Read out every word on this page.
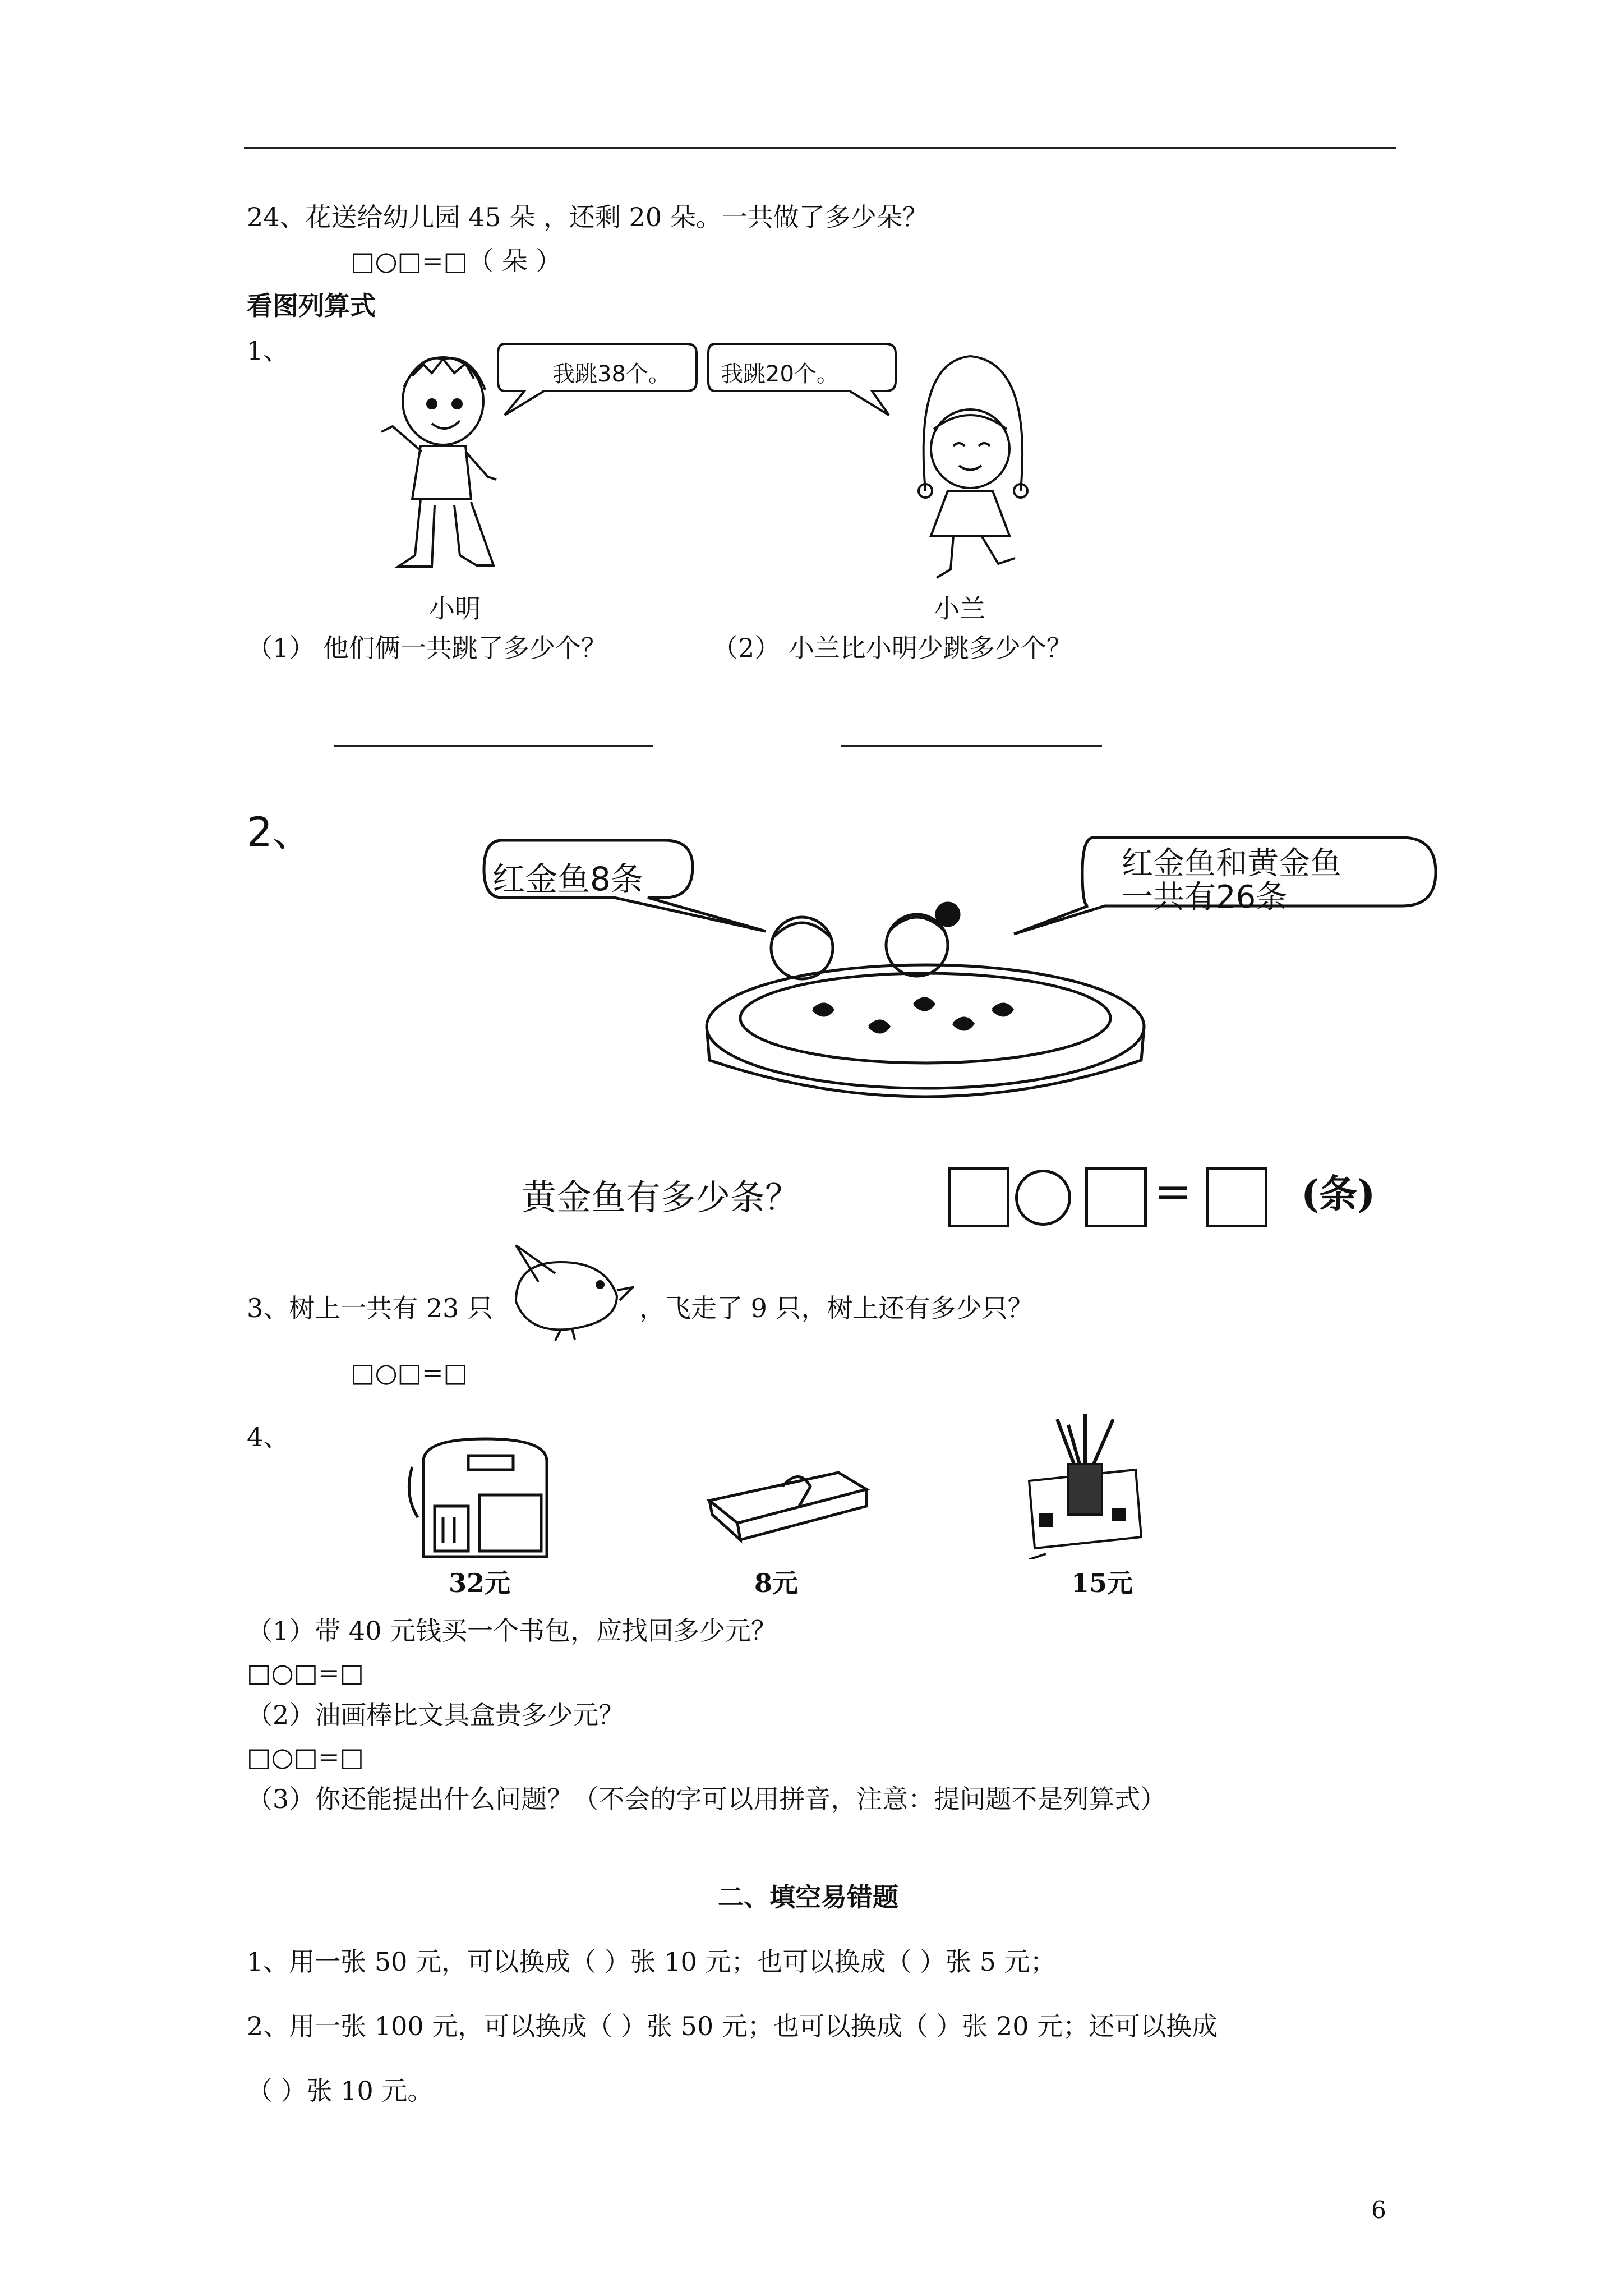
24、花送给幼儿园 45 朵 ，还剩 20 朵。一共做了多少朵？
□○□=□（ 朵 ）
看图列算式
1、
我跳38个。 我跳20个。
小明	小兰
（1） 他们俩一共跳了多少个？	（2） 小兰比小明少跳多少个？
2、
红金鱼8条	红金鱼和黄金鱼
一共有26条
黄金鱼有多少条？	=	(条)
3、树上一共有 23 只	，飞走了 9 只，树上还有多少只？
□○□=□
4、
32元	8元	15元
（1）带 40 元钱买一个书包，应找回多少元？
□○□=□
（2）油画棒比文具盒贵多少元？
□○□=□
（3）你还能提出什么问题？（不会的字可以用拼音，注意：提问题不是列算式）
二、填空易错题
1、用一张 50 元，可以换成（ ）张 10 元；也可以换成（ ）张 5 元；
2、用一张 100 元，可以换成（ ）张 50 元；也可以换成（ ）张 20 元；还可以换成
（ ）张 10 元。
6
